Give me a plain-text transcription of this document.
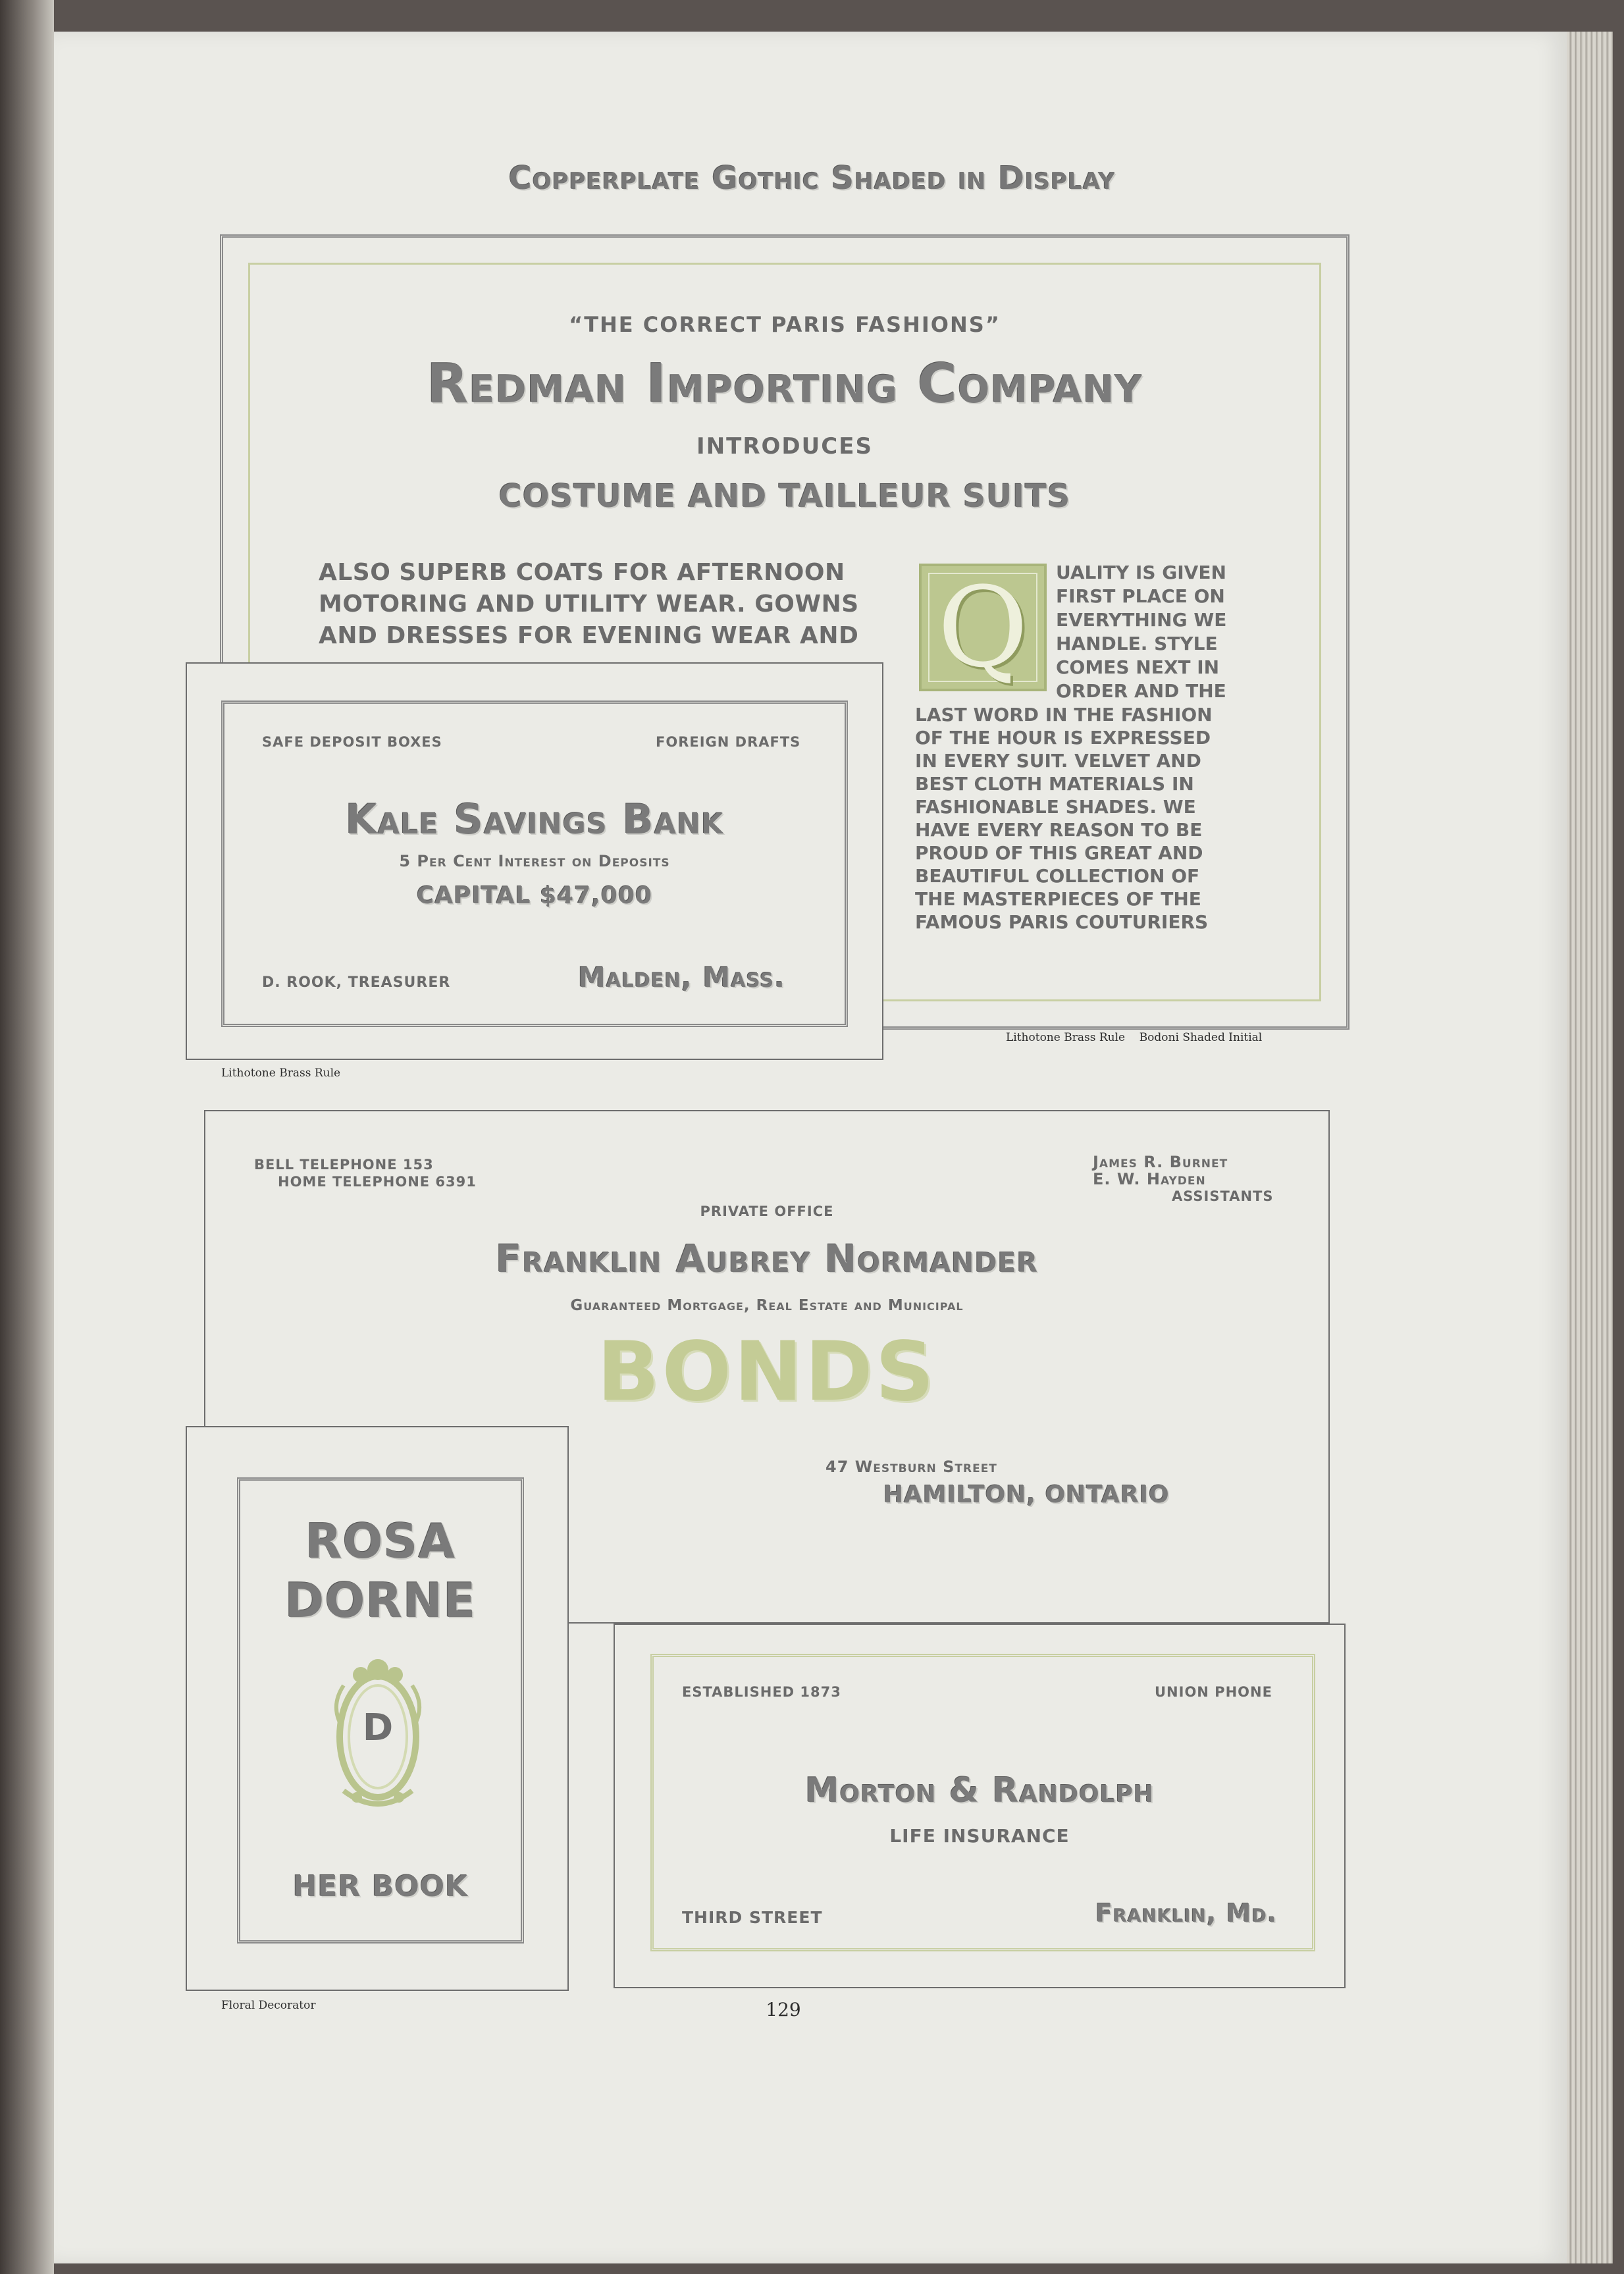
Copperplate Gothic Shaded in Display
“THE CORRECT PARIS FASHIONS”
Redman Importing Company
INTRODUCES
COSTUME AND TAILLEUR SUITS
ALSO SUPERB COATS FOR AFTERNOON
MOTORING AND UTILITY WEAR. GOWNS
AND DRESSES FOR EVENING WEAR AND Q	UALITY IS GIVEN
FIRST PLACE ON
EVERYTHING WE
HANDLE. STYLE
COMES NEXT IN
ORDER AND THE
LAST WORD IN THE FASHION
OF THE HOUR IS EXPRESSED
IN EVERY SUIT. VELVET AND
BEST CLOTH MATERIALS IN
FASHIONABLE SHADES. WE
HAVE EVERY REASON TO BE
PROUD OF THIS GREAT AND
BEAUTIFUL COLLECTION OF
THE MASTERPIECES OF THE
FAMOUS PARIS COUTURIERS
Lithotone Brass Rule    Bodoni Shaded Initial
SAFE DEPOSIT BOXES	FOREIGN DRAFTS
Kale Savings Bank
5 Per Cent Interest on Deposits
CAPITAL $47,000
D. ROOK, TREASURER	Malden, Mass.
Lithotone Brass Rule
BELL TELEPHONE 153
HOME TELEPHONE 6391
James R. Burnet
E. W. Hayden
ASSISTANTS
PRIVATE OFFICE
Franklin Aubrey Normander
Guaranteed Mortgage, Real Estate and Municipal
BONDS
47 Westburn Street
HAMILTON, ONTARIO
ROSA
DORNE
D
HER BOOK
Floral Decorator
ESTABLISHED 1873	UNION PHONE
Morton & Randolph
LIFE INSURANCE
THIRD STREET	Franklin, Md.
129
